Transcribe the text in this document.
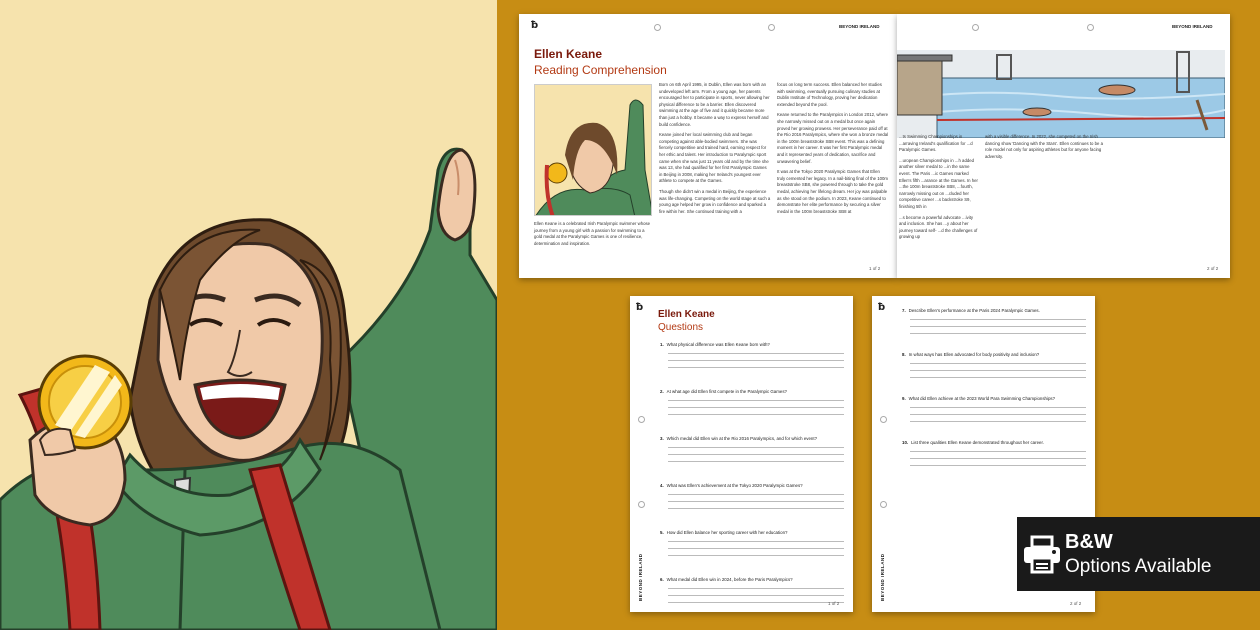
ƀ	BEYOND IRELAND
Ellen Keane
Reading Comprehension
Ellen Keane is a celebrated Irish Paralympic swimmer whose journey from a young girl with a passion for swimming to a gold medal at the Paralympic Games is one of resilience, determination and inspiration.

Born on 6th April 1995, in Dublin, Ellen was born with an undeveloped left arm. From a young age, her parents encouraged her to participate in sports, never allowing her physical difference to be a barrier. Ellen discovered swimming at the age of five and it quickly became more than just a hobby. It became a way to express herself and build confidence.

Keane joined her local swimming club and began competing against able-bodied swimmers. She was fiercely competitive and trained hard, earning respect for her ethic and talent. Her introduction to Paralympic sport came when she was just 11 years old and by the time she was 13, she had qualified for her first Paralympic Games in Beijing in 2008, making her Ireland's youngest ever athlete to compete at the Games.

Though she didn't win a medal in Beijing, the experience was life-changing. Competing on the world stage at such a young age helped her grow in confidence and sparked a fire within her. She continued training with a

focus on long term success. Ellen balanced her studies with swimming, eventually pursuing culinary studies at Dublin Institute of Technology, proving her dedication extended beyond the pool.

Keane returned to the Paralympics in London 2012, where she narrowly missed out on a medal but once again proved her growing prowess. Her perseverance paid off at the Rio 2016 Paralympics, where she won a bronze medal in the 100m breaststroke SB8 event. This was a defining moment in her career. It was her first Paralympic medal and it represented years of dedication, sacrifice and unwavering belief.

It was at the Tokyo 2020 Paralympic Games that Ellen truly cemented her legacy. In a nail-biting final of the 100m breaststroke SB8, she powered through to take the gold medal, achieving her lifelong dream. Her joy was palpable as she stood on the podium. In 2023, Keane continued to demonstrate her elite performance by securing a silver medal in the 100m breaststroke SB8 at

1 of 2
BEYOND IRELAND

...ts Swimming Championships in ...arraving Ireland's qualification for ...d Paralympic Games.

...uropean Championships in ...h added another silver medal to ...in the same event. The Paris ...ic Games marked Ellen's fifth ...arance at the Games. In her ...the 100m breaststroke SB8, ...fourth, narrowly missing out on ...cluded her competitive career ...s backstroke S9, finishing 5th in

...s become a powerful advocate ...ivity and inclusion. She has ...y about her journey toward self- ...d the challenges of growing up

with a visible difference. In 2022, she competed on the Irish dancing show 'Dancing with the Stars'. Ellen continues to be a role model not only for aspiring athletes but for anyone facing adversity.

2 of 2
ƀ
Ellen Keane
Questions
BEYOND IRELAND
1. What physical difference was Ellen Keane born with?
2. At what age did Ellen first compete in the Paralympic Games?
3. Which medal did Ellen win at the Rio 2016 Paralympics, and for which event?
4. What was Ellen's achievement at the Tokyo 2020 Paralympic Games?
5. How did Ellen balance her sporting career with her education?
6. What medal did Ellen win in 2024, before the Paris Paralympics?
1 of 2
ƀ
BEYOND IRELAND
7. Describe Ellen's performance at the Paris 2024 Paralympic Games.
8. In what ways has Ellen advocated for body positivity and inclusion?
9. What did Ellen achieve at the 2023 World Para Swimming Championships?
10. List three qualities Ellen Keane demonstrated throughout her career.
2 of 2
B&W
Options Available
